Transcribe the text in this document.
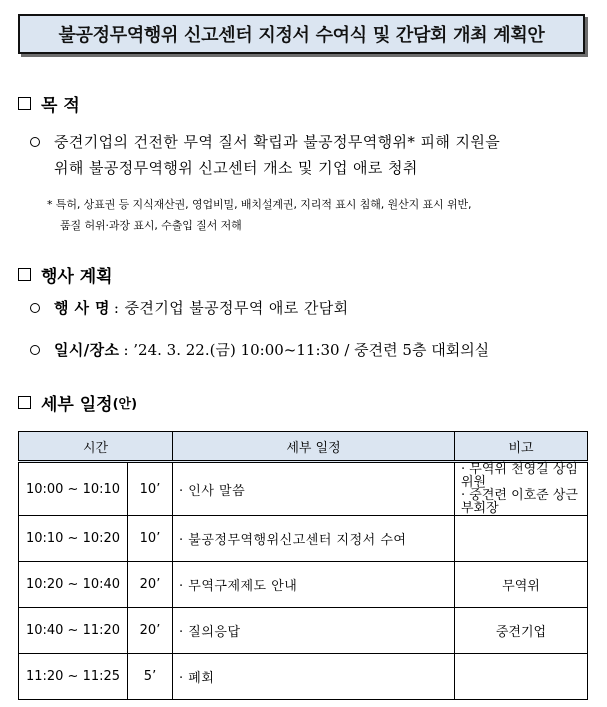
불공정무역행위 신고센터 지정서 수여식 및 간담회 개최 계획안
목 적
중견기업의 건전한 무역 질서 확립과 불공정무역행위* 피해 지원을
위해 불공정무역행위 신고센터 개소 및 기업 애로 청취
* 특허, 상표권 등 지식재산권, 영업비밀, 배치설계권, 지리적 표시 침해, 원산지 표시 위반,
품질 허위·과장 표시, 수출입 질서 저해
행사 계획
행 사 명 : 중견기업 불공정무역 애로 간담회
일시/장소 : ’24. 3. 22.(금) 10:00~11:30 / 중견련 5층 대회의실
세부 일정 (안)
시간		세부 일정	비고
10:00 ~ 10:10	10’	· 인사 말씀	· 무역위 천영길 상임위원
· 중견련 이호준 상근부회장

10:10 ~ 10:20	10’	· 불공정무역행위신고센터 지정서 수여	
10:20 ~ 10:40	20’	· 무역구제제도 안내	무역위
10:40 ~ 11:20	20’	· 질의응답	중견기업
11:20 ~ 11:25	5’	· 폐회	
